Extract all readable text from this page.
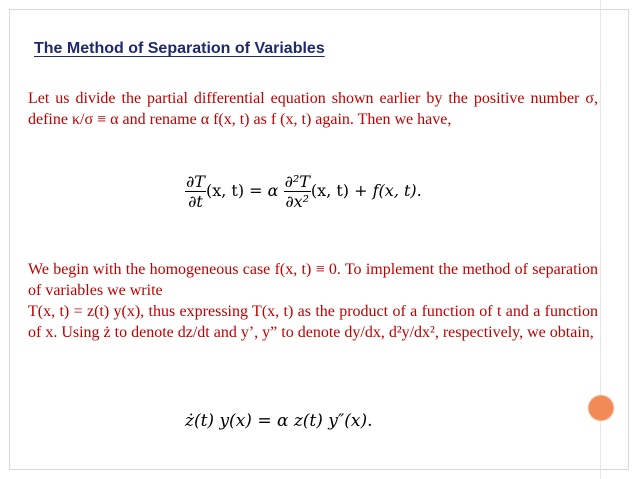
The Method of Separation of Variables
Let us divide the partial differential equation shown earlier by the positive number σ, define κ/σ ≡ α and rename α f(x, t) as f (x, t) again. Then we have,
$\frac{\partial T}{\partial t} (x$, t) = α $\frac{\text{∂²T}}{\text{∂x²}} (x$, t) + f(x, t).
We begin with the homogeneous case f(x, t) ≡ 0. To implement the method of separation of variables we write
T(x, t) = z(t) y(x), thus expressing T(x, t) as the product of a function of t and a function of x. Using ż to denote dz/dt and y’, y” to denote dy/dx, d²y/dx², respectively, we obtain,
ż(t) y(x) = α z(t) y″(x).
